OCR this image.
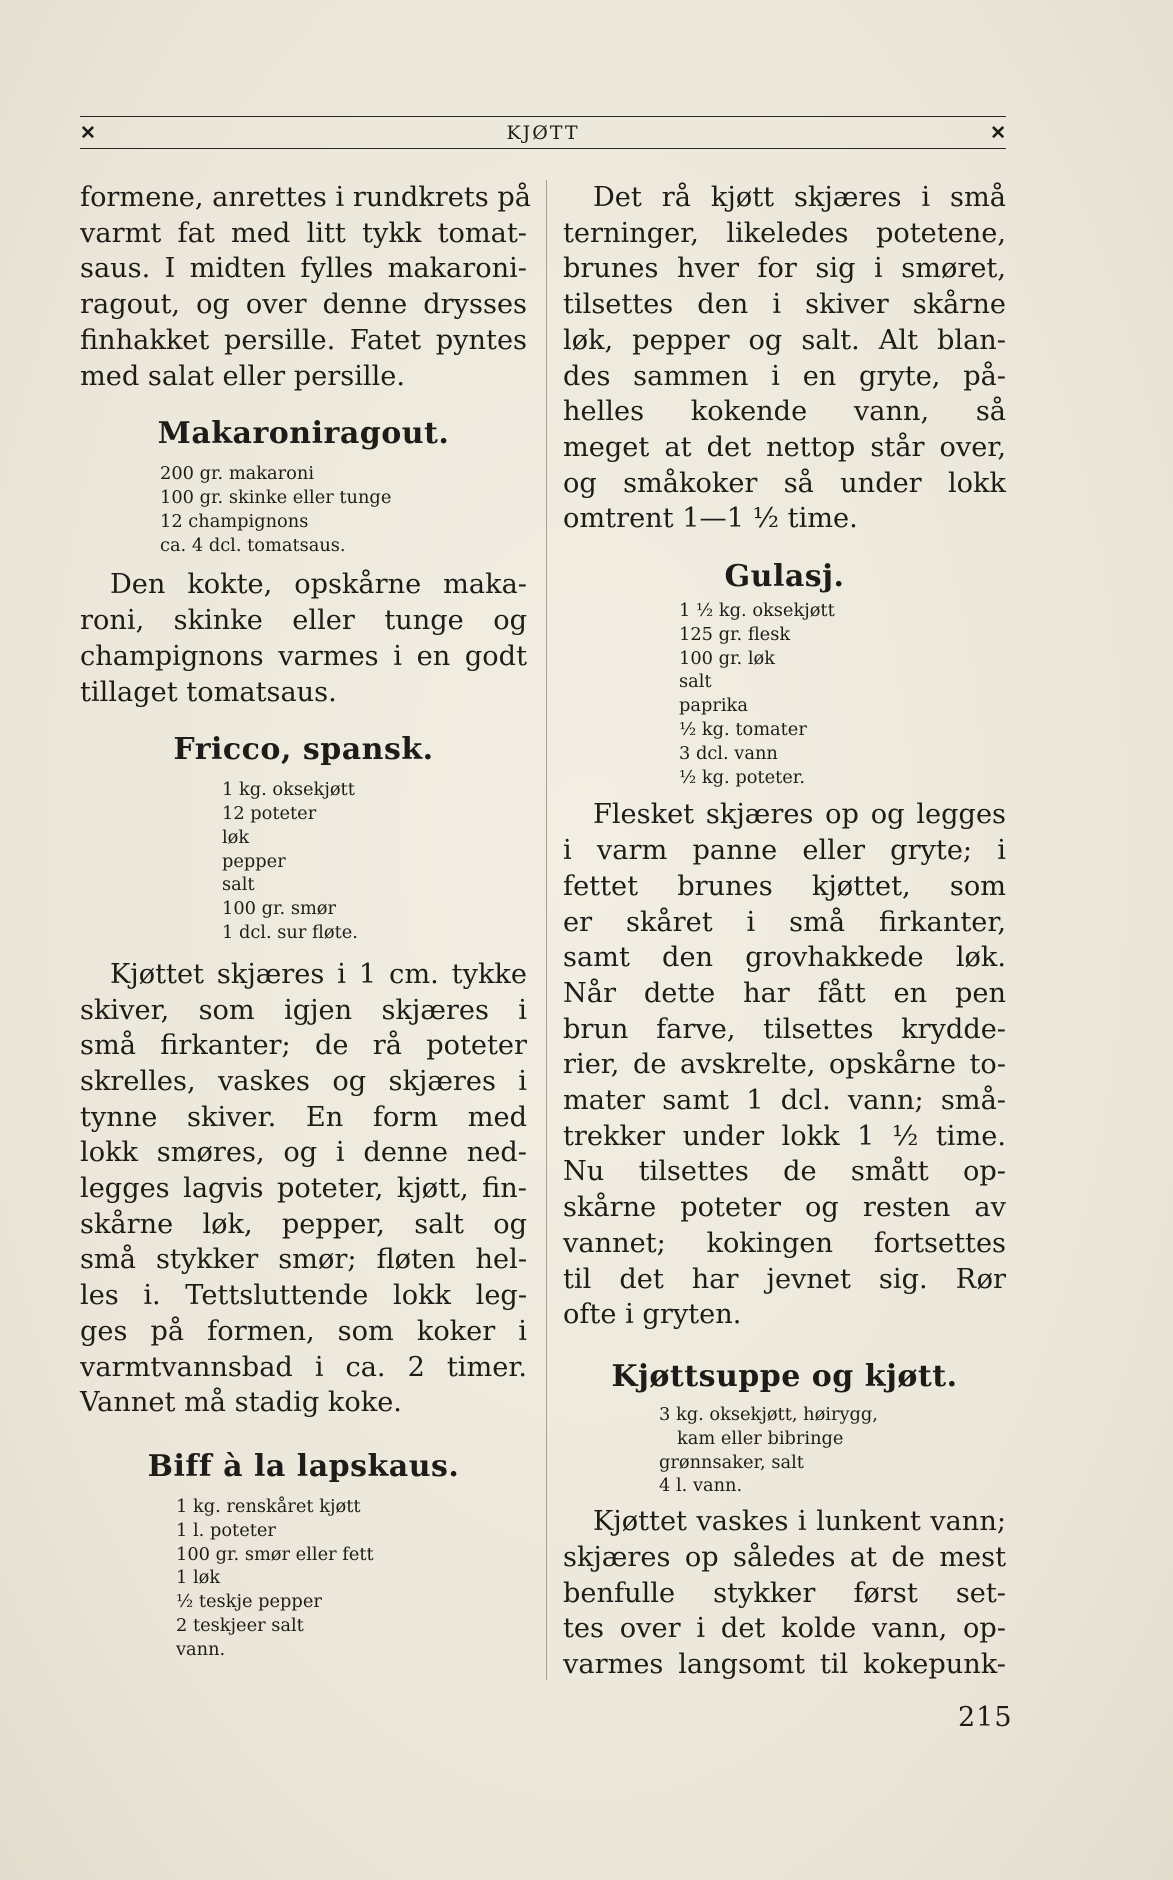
✕	KJØTT	✕

formene, anrettes i rundkrets på
varmt fat med litt tykk tomat-
saus. I midten fylles makaroni-
ragout, og over denne drysses
finhakket persille. Fatet pyntes
med salat eller persille.

Makaroniragout.
200 gr. makaroni
100 gr. skinke eller tunge
12 champignons
ca. 4 dcl. tomatsaus.

Den kokte, opskårne maka-
roni, skinke eller tunge og
champignons varmes i en godt
tillaget tomatsaus.

Fricco, spansk.
1 kg. oksekjøtt
12 poteter
løk
pepper
salt
100 gr. smør
1 dcl. sur fløte.

Kjøttet skjæres i 1 cm. tykke
skiver, som igjen skjæres i
små firkanter; de rå poteter
skrelles, vaskes og skjæres i
tynne skiver. En form med
lokk smøres, og i denne ned-
legges lagvis poteter, kjøtt, fin-
skårne løk, pepper, salt og
små stykker smør; fløten hel-
les i. Tettsluttende lokk leg-
ges på formen, som koker i
varmtvannsbad i ca. 2 timer.
Vannet må stadig koke.

Biff à la lapskaus.
1 kg. renskåret kjøtt
1 l. poteter
100 gr. smør eller fett
1 løk
½ teskje pepper
2 teskjeer salt
vann.

Det rå kjøtt skjæres i små
terninger, likeledes potetene,
brunes hver for sig i smøret,
tilsettes den i skiver skårne
løk, pepper og salt. Alt blan-
des sammen i en gryte, på-
helles kokende vann, så
meget at det nettop står over,
og småkoker så under lokk
omtrent 1—1 ½ time.

Gulasj.
1 ½ kg. oksekjøtt
125 gr. flesk
100 gr. løk
salt
paprika
½ kg. tomater
3 dcl. vann
½ kg. poteter.

Flesket skjæres op og legges
i varm panne eller gryte; i
fettet brunes kjøttet, som
er skåret i små firkanter,
samt den grovhakkede løk.
Når dette har fått en pen
brun farve, tilsettes krydde-
rier, de avskrelte, opskårne to-
mater samt 1 dcl. vann; små-
trekker under lokk 1 ½ time.
Nu tilsettes de smått op-
skårne poteter og resten av
vannet; kokingen fortsettes
til det har jevnet sig. Rør
ofte i gryten.

Kjøttsuppe og kjøtt.
3 kg. oksekjøtt, høirygg,
kam eller bibringe
grønnsaker, salt
4 l. vann.

Kjøttet vaskes i lunkent vann;
skjæres op således at de mest
benfulle stykker først set-
tes over i det kolde vann, op-
varmes langsomt til kokepunk-

215
